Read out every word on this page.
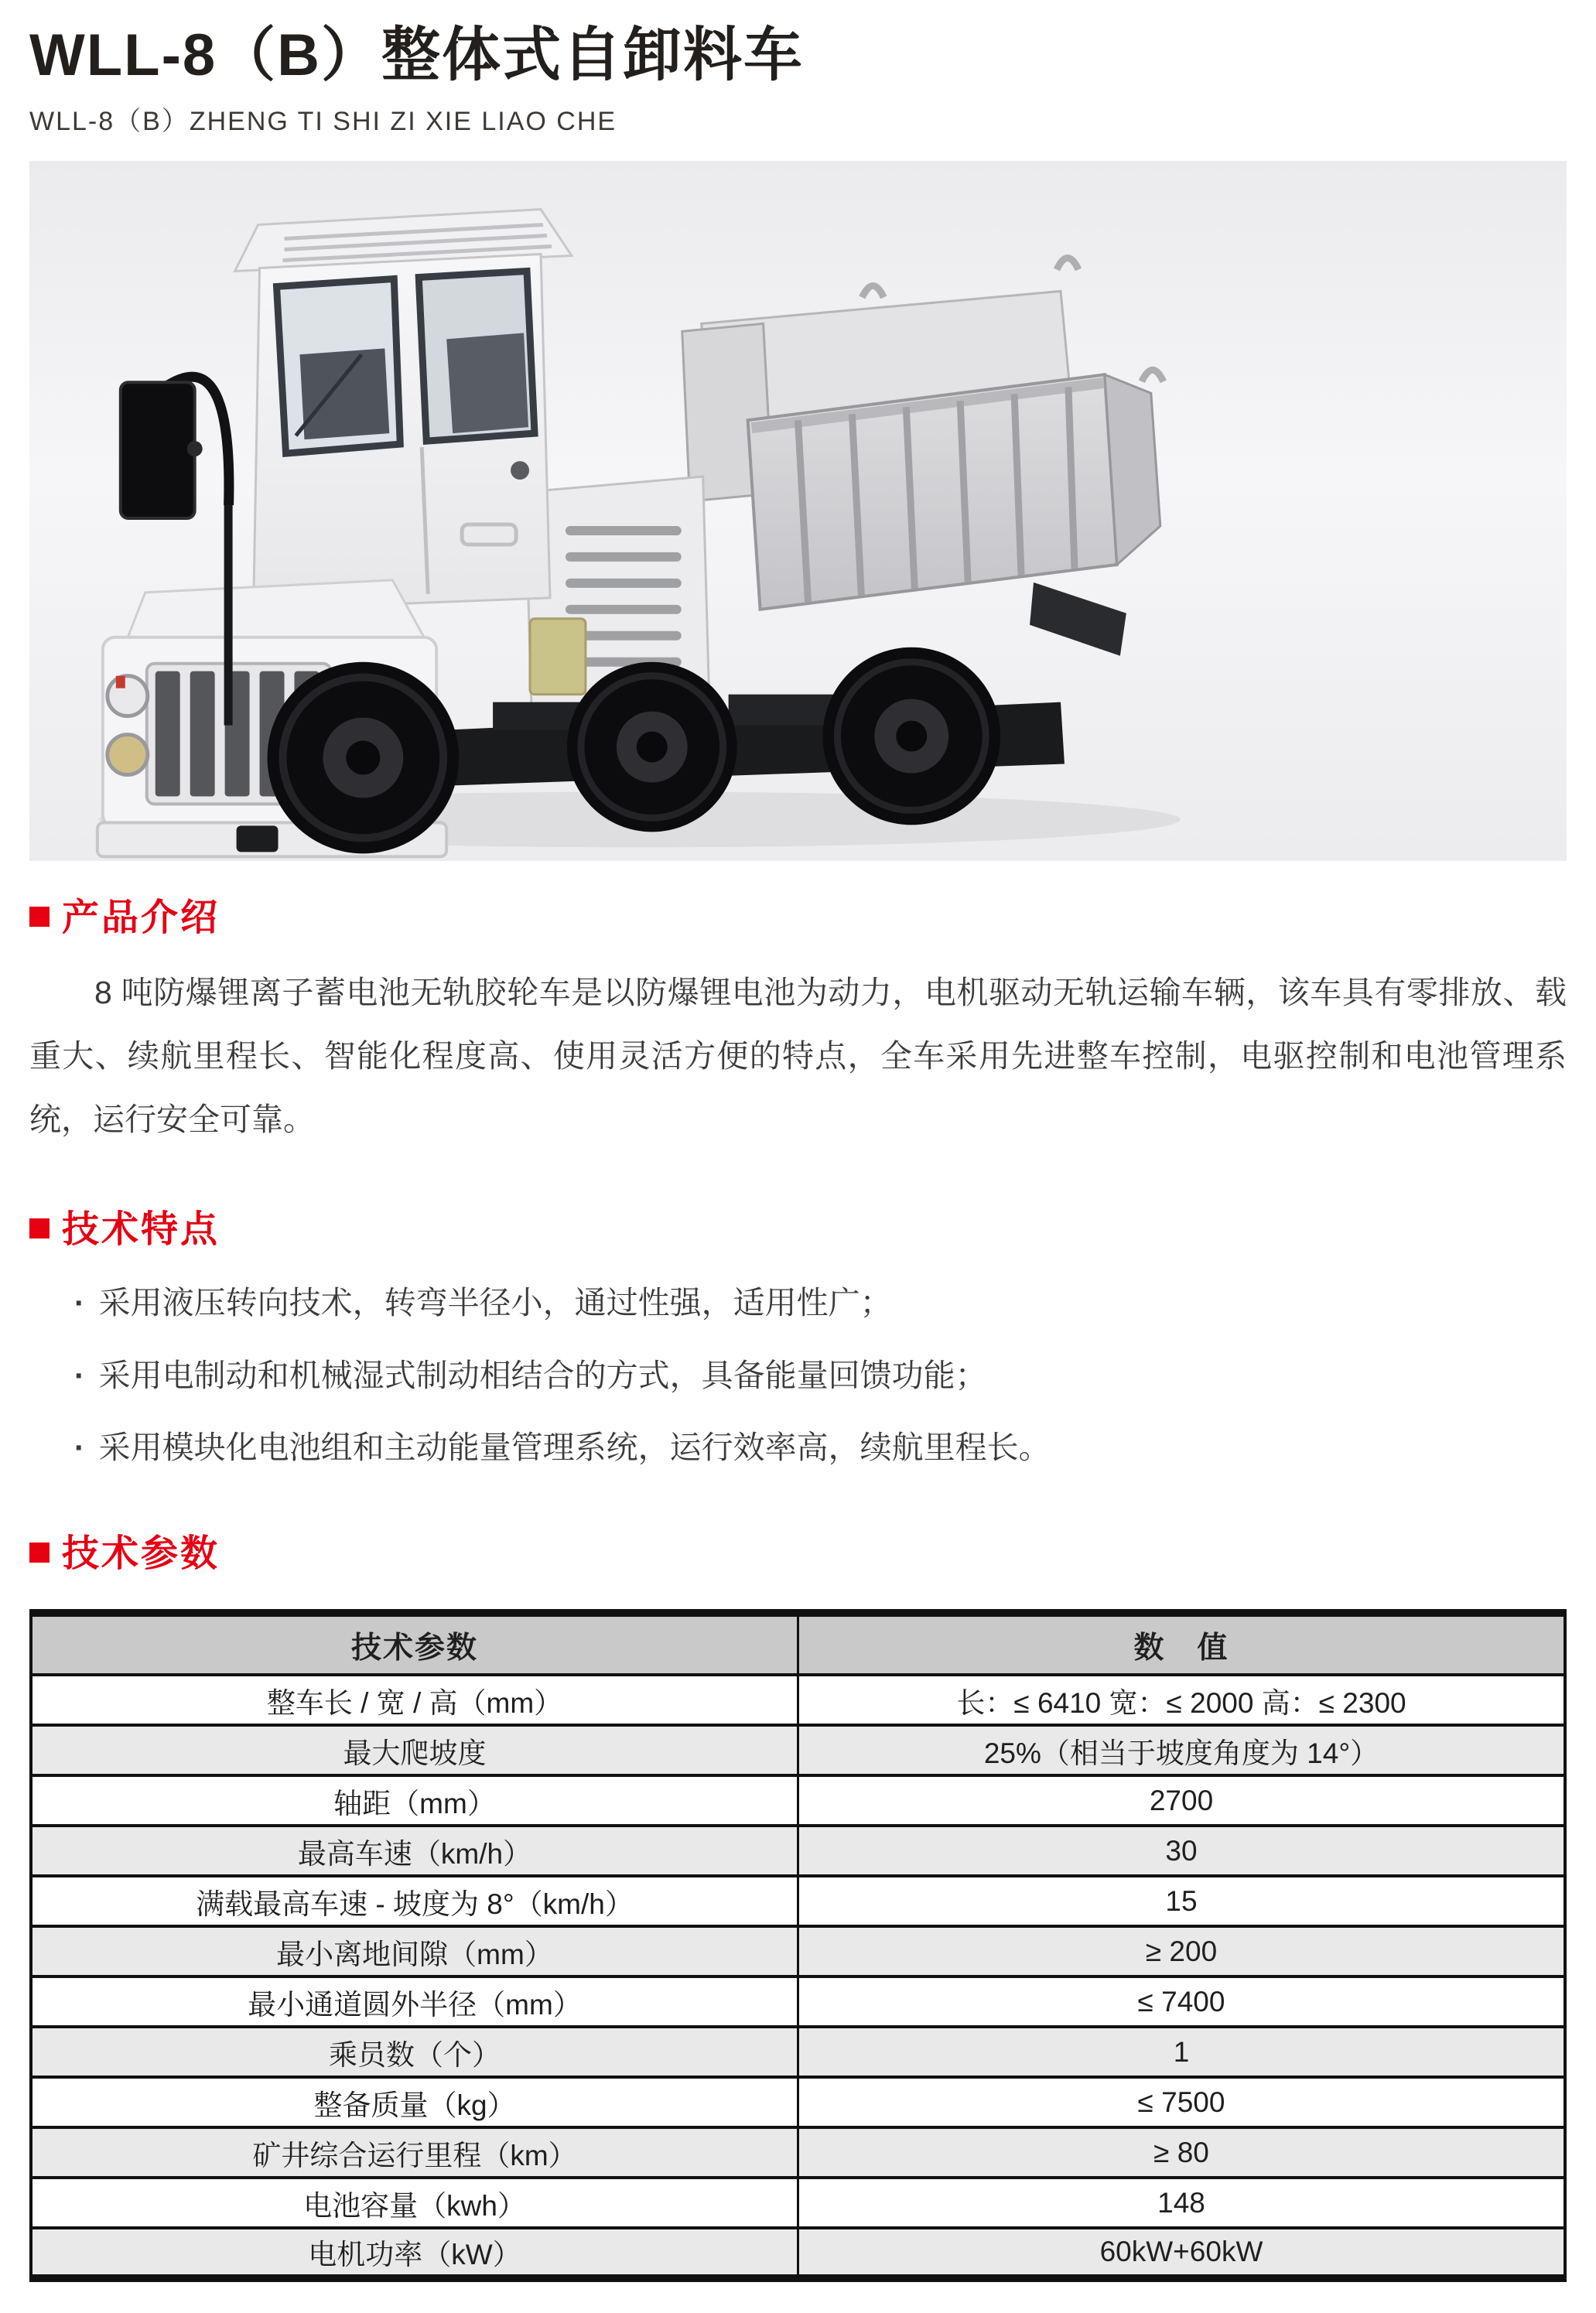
WLL-8（B）整体式自卸料车
WLL-8（B）ZHENG TI SHI ZI XIE LIAO CHE
产品介绍

8 吨防爆锂离子蓄电池无轨胶轮车是以防爆锂电池为动力，电机驱动无轨运输车辆，该车具有零排放、载重大、续航里程长、智能化程度高、使用灵活方便的特点，全车采用先进整车控制，电驱控制和电池管理系统，运行安全可靠。

技术特点
· 采用液压转向技术，转弯半径小，通过性强，适用性广；
· 采用电制动和机械湿式制动相结合的方式，具备能量回馈功能；
· 采用模块化电池组和主动能量管理系统，运行效率高，续航里程长。
技术参数
技术参数	数　值
整车长 / 宽 / 高（mm）	长：≤ 6410 宽：≤ 2000 高：≤ 2300
最大爬坡度	25%（相当于坡度角度为 14°）
轴距（mm）	2700
最高车速（km/h）	30
满载最高车速 - 坡度为 8°（km/h）	15
最小离地间隙（mm）	≥ 200
最小通道圆外半径（mm）	≤ 7400
乘员数（个）	1
整备质量（kg）	≤ 7500
矿井综合运行里程（km）	≥ 80
电池容量（kwh）	148
电机功率（kW）	60kW+60kW
